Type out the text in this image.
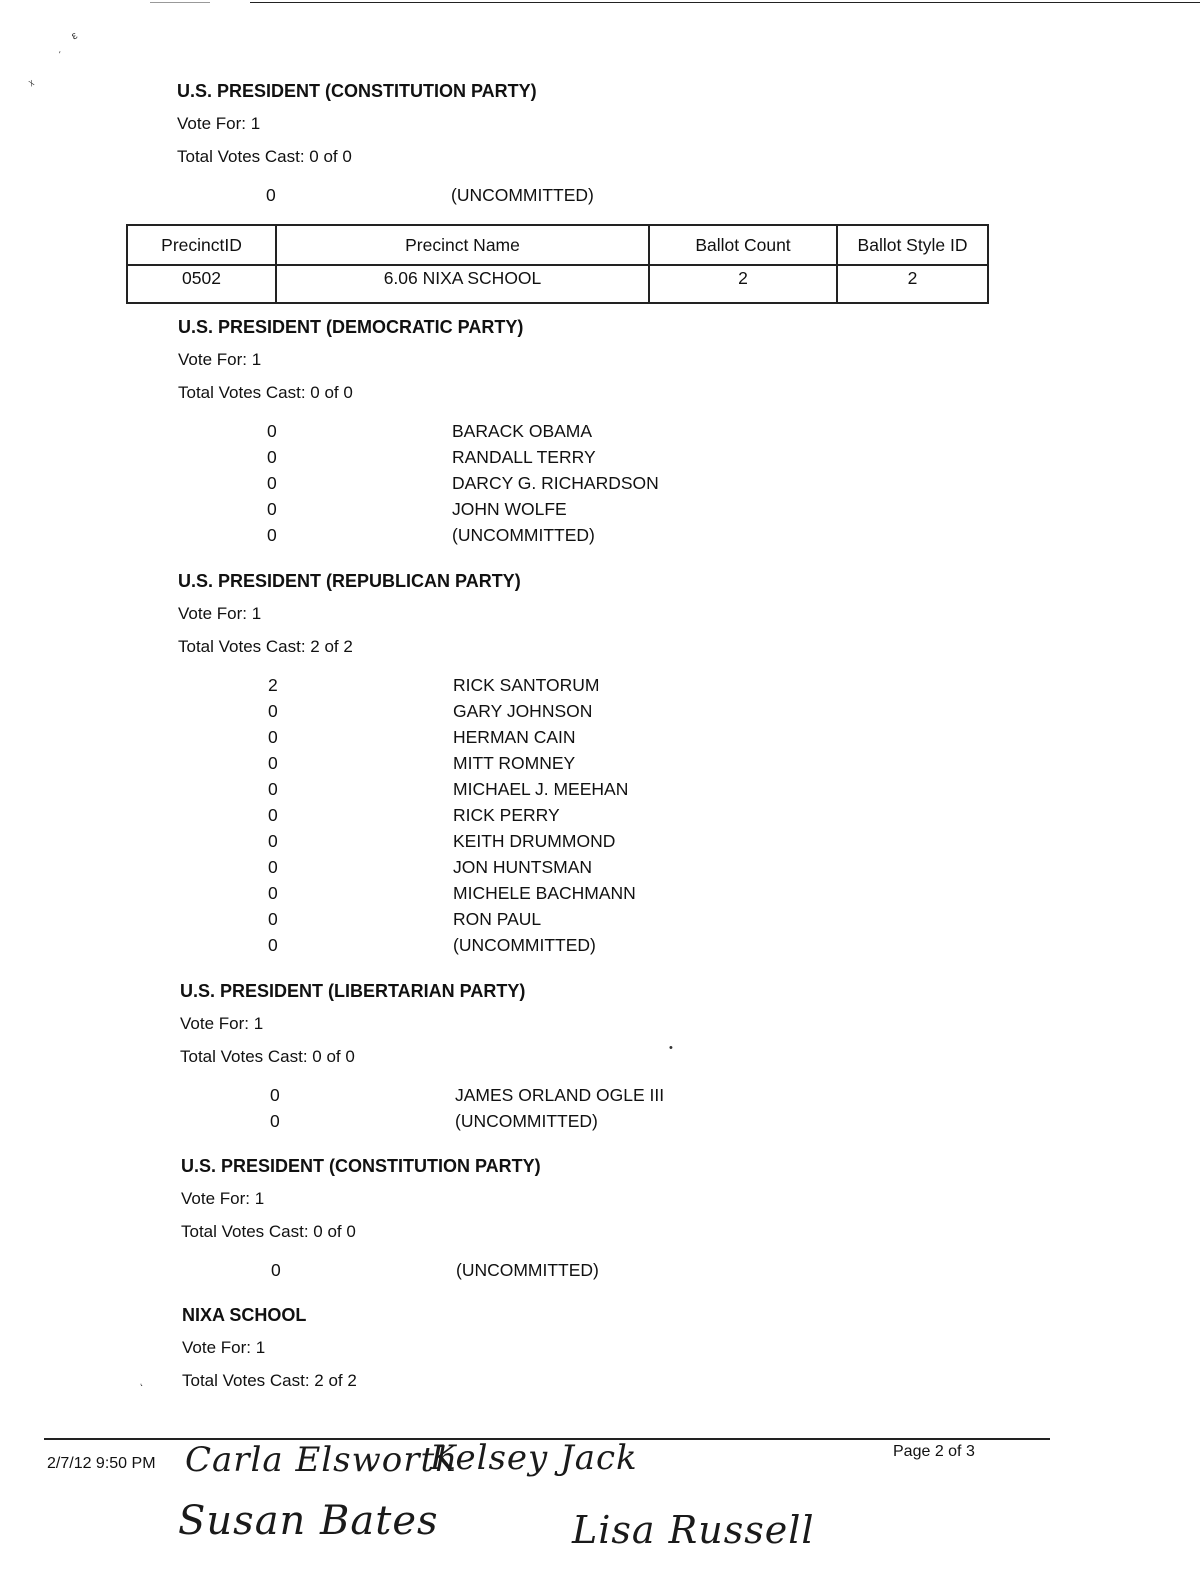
ε
ˊ
ᵡ	U.S. PRESIDENT (CONSTITUTION PARTY)
Vote For: 1
Total Votes Cast: 0 of 0
0	(UNCOMMITTED)
PrecinctID	Precinct Name	Ballot Count	Ballot Style ID
0502	6.06 NIXA SCHOOL	2	2
U.S. PRESIDENT (DEMOCRATIC PARTY)
Vote For: 1
Total Votes Cast: 0 of 0
0	BARACK OBAMA
0	RANDALL TERRY
0	DARCY G. RICHARDSON
0	JOHN WOLFE
0	(UNCOMMITTED)
U.S. PRESIDENT (REPUBLICAN PARTY)
Vote For: 1
Total Votes Cast: 2 of 2
2	RICK SANTORUM
0	GARY JOHNSON
0	HERMAN CAIN
0	MITT ROMNEY
0	MICHAEL J. MEEHAN
0	RICK PERRY
0	KEITH DRUMMOND
0	JON HUNTSMAN
0	MICHELE BACHMANN
0	RON PAUL
0	(UNCOMMITTED)
U.S. PRESIDENT (LIBERTARIAN PARTY)
Vote For: 1
Total Votes Cast: 0 of 0	•
0	JAMES ORLAND OGLE III
0	(UNCOMMITTED)
U.S. PRESIDENT (CONSTITUTION PARTY)
Vote For: 1
Total Votes Cast: 0 of 0
0	(UNCOMMITTED)
NIXA SCHOOL
Vote For: 1
Total Votes Cast: 2 of 2
ʻ
2/7/12 9:50 PM
Page 2 of 3
Carla Elsworth
Kelsey Jack
Susan Bates	Lisa Russell
